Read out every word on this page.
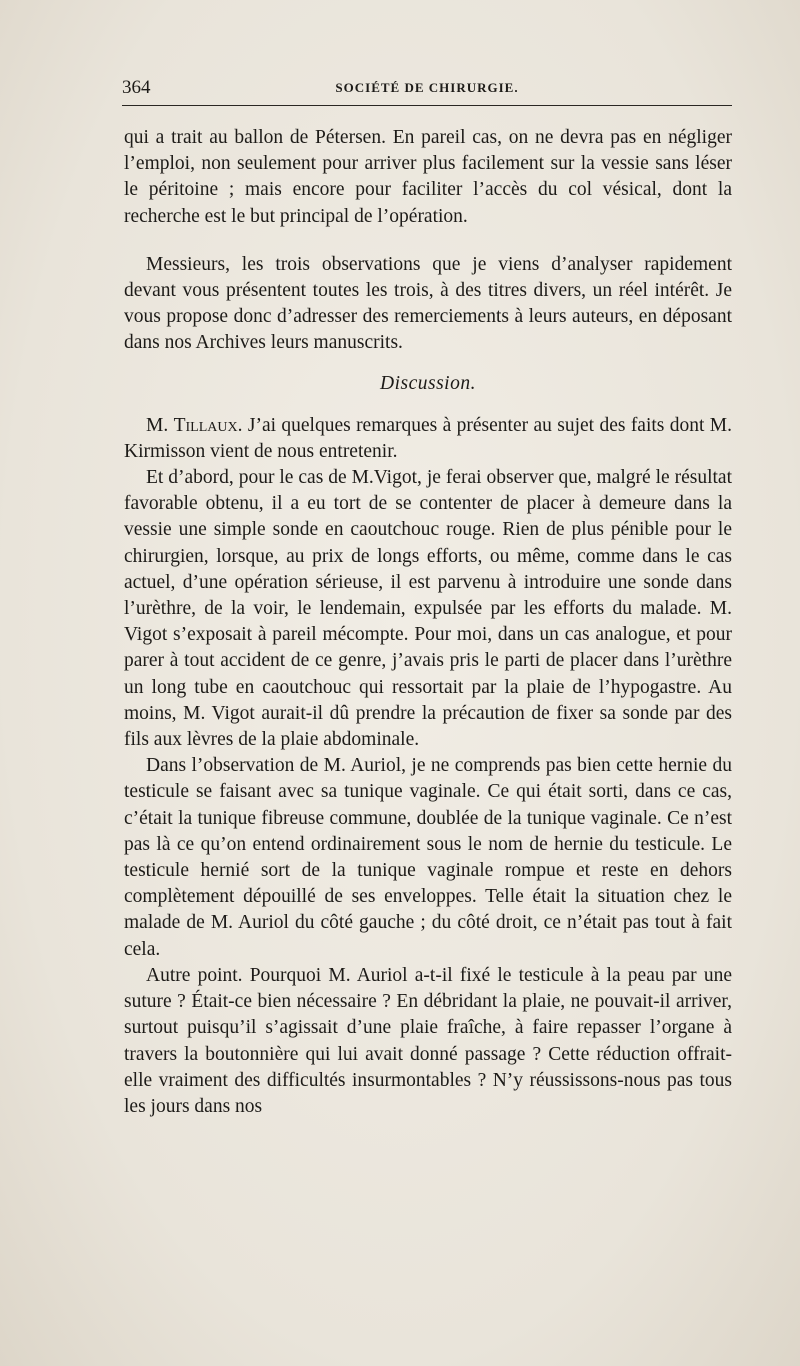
364	SOCIÉTÉ DE CHIRURGIE.

qui a trait au ballon de Pétersen. En pareil cas, on ne devra pas en négliger l’emploi, non seulement pour arriver plus facilement sur la vessie sans léser le péritoine ; mais encore pour faciliter l’accès du col vésical, dont la recherche est le but principal de l’opération.

Messieurs, les trois observations que je viens d’analyser rapidement devant vous présentent toutes les trois, à des titres divers, un réel intérêt. Je vous propose donc d’adresser des remerciements à leurs auteurs, en déposant dans nos Archives leurs manuscrits.

Discussion.

M. Tillaux. J’ai quelques remarques à présenter au sujet des faits dont M. Kirmisson vient de nous entretenir.

Et d’abord, pour le cas de M.Vigot, je ferai observer que, malgré le résultat favorable obtenu, il a eu tort de se contenter de placer à demeure dans la vessie une simple sonde en caoutchouc rouge. Rien de plus pénible pour le chirurgien, lorsque, au prix de longs efforts, ou même, comme dans le cas actuel, d’une opération sérieuse, il est parvenu à introduire une sonde dans l’urèthre, de la voir, le lendemain, expulsée par les efforts du malade. M. Vigot s’exposait à pareil mécompte. Pour moi, dans un cas analogue, et pour parer à tout accident de ce genre, j’avais pris le parti de placer dans l’urèthre un long tube en caoutchouc qui ressortait par la plaie de l’hypogastre. Au moins, M. Vigot aurait-il dû prendre la précaution de fixer sa sonde par des fils aux lèvres de la plaie abdominale.

Dans l’observation de M. Auriol, je ne comprends pas bien cette hernie du testicule se faisant avec sa tunique vaginale. Ce qui était sorti, dans ce cas, c’était la tunique fibreuse commune, doublée de la tunique vaginale. Ce n’est pas là ce qu’on entend ordinairement sous le nom de hernie du testicule. Le testicule hernié sort de la tunique vaginale rompue et reste en dehors complètement dépouillé de ses enveloppes. Telle était la situation chez le malade de M. Auriol du côté gauche ; du côté droit, ce n’était pas tout à fait cela.

Autre point. Pourquoi M. Auriol a-t-il fixé le testicule à la peau par une suture ? Était-ce bien nécessaire ? En débridant la plaie, ne pouvait-il arriver, surtout puisqu’il s’agissait d’une plaie fraîche, à faire repasser l’organe à travers la boutonnière qui lui avait donné passage ? Cette réduction offrait-elle vraiment des difficultés insurmontables ? N’y réussissons-nous pas tous les jours dans nos
